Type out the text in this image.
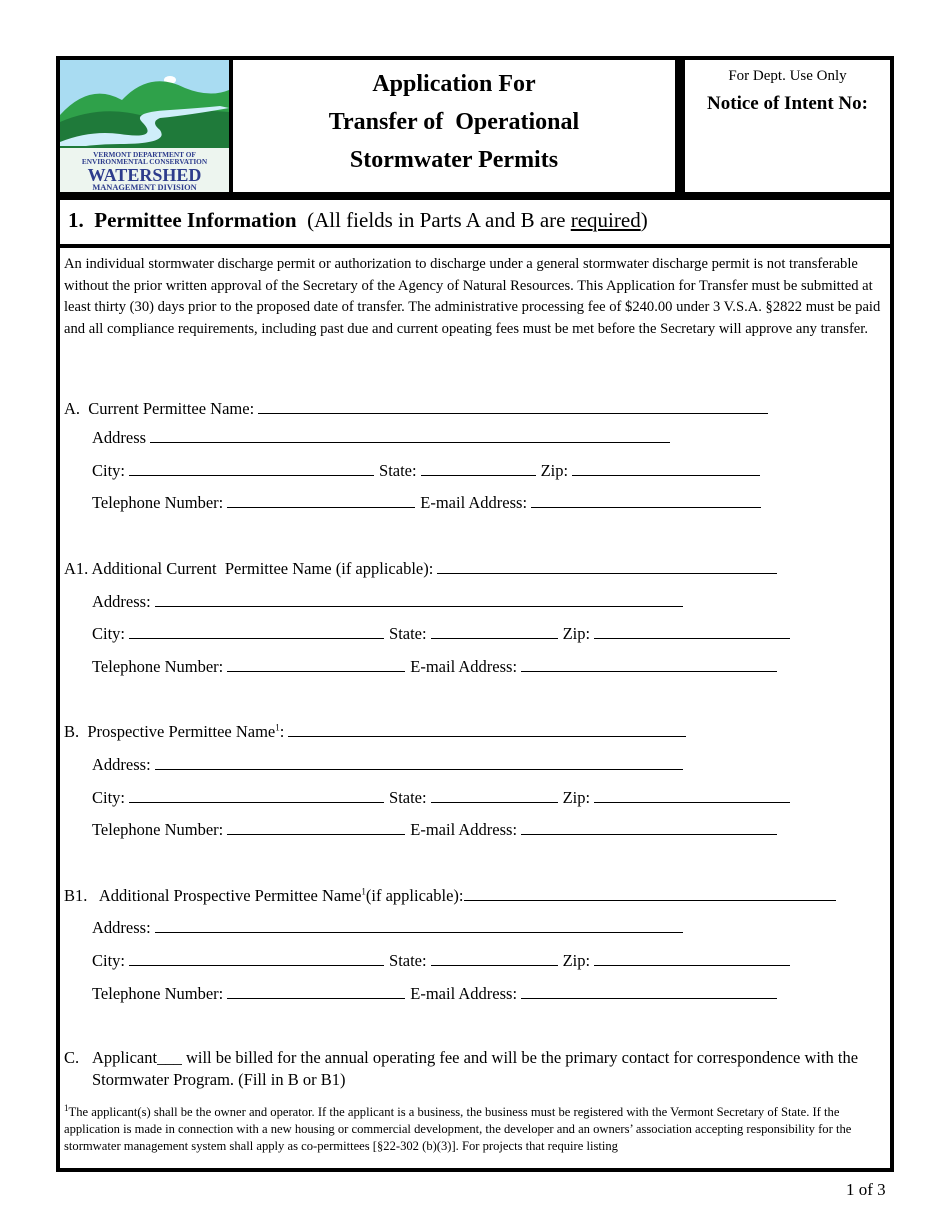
VERMONT DEPARTMENT OF
ENVIRONMENTAL CONSERVATION
WATERSHED
MANAGEMENT DIVISION
Application For
Transfer of  Operational
Stormwater Permits
For Dept. Use Only
Notice of Intent No:
1.  Permittee Information (All fields in Parts A and B are required)
An individual stormwater discharge permit or authorization to discharge under a general stormwater discharge permit is not transferable without the prior written approval of the Secretary of the Agency of Natural Resources. This Application for Transfer must be submitted at least thirty (30) days prior to the proposed date of transfer. The administrative processing fee of $240.00 under 3 V.S.A. §2822 must be paid and all compliance requirements, including past due and current opeating fees must be met before the Secretary will approve any transfer.
A.  Current Permittee Name:
Address
City:	State:	Zip:
Telephone Number:	E-mail Address:
A1. Additional Current  Permittee Name (if applicable):
Address:
City:	State:	Zip:
Telephone Number:	E-mail Address:
B.  Prospective Permittee Name$^1$:
Address:
City:	State:	Zip:
Telephone Number:	E-mail Address:
B1.   Additional Prospective Permittee Name$^1$(if applicable):
Address:
City:	State:	Zip:
Telephone Number:	E-mail Address:
C. Applicant___ will be billed for the annual operating fee and will be the primary contact for correspondence with the Stormwater Program. (Fill in B or B1)
$^1$The applicant(s) shall be the owner and operator. If the applicant is a business, the business must be registered with the Vermont Secretary of State. If the application is made in connection with a new housing or commercial development, the developer and an owners’ association accepting responsibility for the stormwater management system shall apply as co-permittees [§22-302 (b)(3)]. For projects that require listing
1 of 3
